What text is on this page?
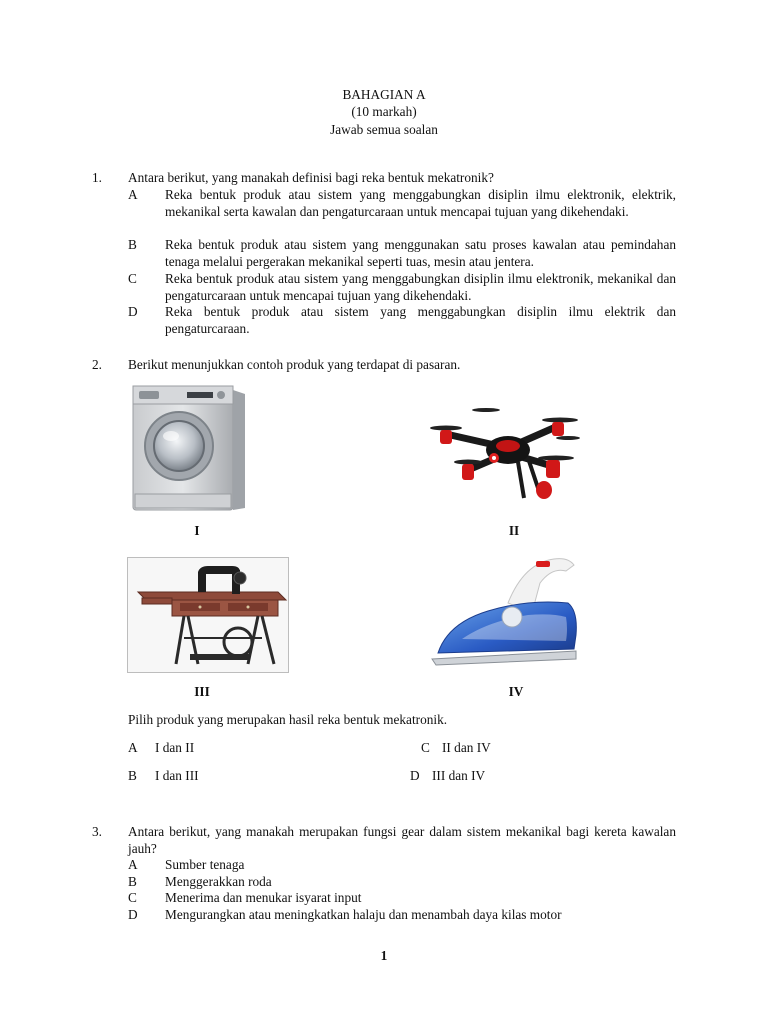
BAHAGIAN A
(10 markah)
Jawab semua soalan
1. Antara berikut, yang manakah definisi bagi reka bentuk mekatronik?
A Reka bentuk produk atau sistem yang menggabungkan disiplin ilmu elektronik, elektrik, mekanikal serta kawalan dan pengaturcaraan untuk mencapai tujuan yang dikehendaki.
B Reka bentuk produk atau sistem yang menggunakan satu proses kawalan atau pemindahan tenaga melalui pergerakan mekanikal seperti tuas, mesin atau jentera.
C Reka bentuk produk atau sistem yang menggabungkan disiplin ilmu elektronik, mekanikal dan pengaturcaraan untuk mencapai tujuan yang dikehendaki.
D Reka bentuk produk atau sistem yang menggabungkan disiplin ilmu elektrik dan pengaturcaraan.
2. Berikut menunjukkan contoh produk yang terdapat di pasaran.
I	II
III	IV
Pilih produk yang merupakan hasil reka bentuk mekatronik.
A I dan II	C II dan IV
B I dan III	D III dan IV
3. Antara berikut, yang manakah merupakan fungsi gear dalam sistem mekanikal bagi kereta kawalan jauh?
A Sumber tenaga
B Menggerakkan roda
C Menerima dan menukar isyarat input
D Mengurangkan atau meningkatkan halaju dan menambah daya kilas motor
1
